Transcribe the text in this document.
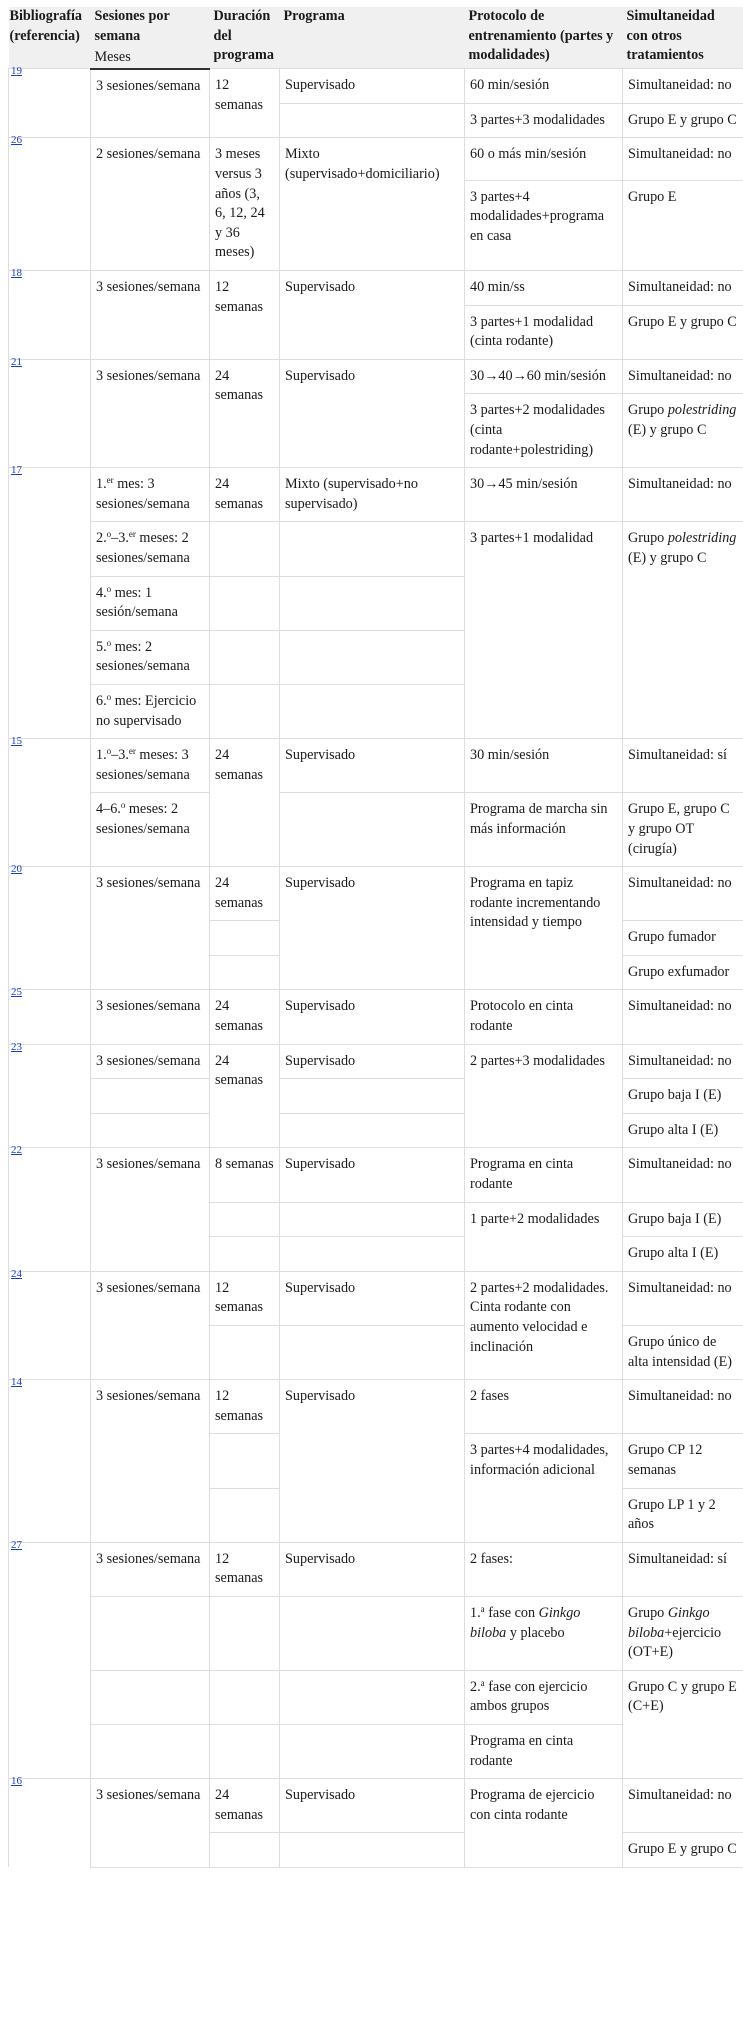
Bibliografía (referencia)	Sesiones por semana	Duración del programa	Programa	Protocolo de entrenamiento (partes y modalidades)	Simultaneidad con otros tratamientos
	Meses				
$^{19}$	3 sesiones/semana	12 semanas	Supervisado	60 min/sesión	Simultaneidad: no
				3 partes+3 modalidades	Grupo E y grupo C
$^{26}$	2 sesiones/semana	3 meses versus 3 años (3, 6, 12, 24 y 36 meses)	Mixto (supervisado+domiciliario)	60 o más min/sesión	Simultaneidad: no
				3 partes+4 modalidades+programa en casa	Grupo E
$^{18}$	3 sesiones/semana	12 semanas	Supervisado	40 min/ss	Simultaneidad: no
				3 partes+1 modalidad (cinta rodante)	Grupo E y grupo C
$^{21}$	3 sesiones/semana	24 semanas	Supervisado	30→40→60 min/sesión	Simultaneidad: no
				3 partes+2 modalidades (cinta rodante+polestriding)	Grupo polestriding (E) y grupo C
$^{17}$	1.$^{er}$ mes: 3 sesiones/semana	24 semanas	Mixto (supervisado+no supervisado)	30→45 min/sesión	Simultaneidad: no
	2.$^o$–3.$^{er}$ meses: 2 sesiones/semana			3 partes+1 modalidad	Grupo polestriding (E) y grupo C
	4.$^o$ mes: 1 sesión/semana				
	5.$^o$ mes: 2 sesiones/semana				
	6.$^o$ mes: Ejercicio no supervisado				
$^{15}$	1.$^o$–3.$^{er}$ meses: 3 sesiones/semana	24 semanas	Supervisado	30 min/sesión	Simultaneidad: sí
	4–6.$^o$ meses: 2 sesiones/semana			Programa de marcha sin más información	Grupo E, grupo C y grupo OT (cirugía)
$^{20}$	3 sesiones/semana	24 semanas	Supervisado	Programa en tapiz rodante incrementando intensidad y tiempo	Simultaneidad: no
					Grupo fumador
					Grupo exfumador
$^{25}$	3 sesiones/semana	24 semanas	Supervisado	Protocolo en cinta rodante	Simultaneidad: no
$^{23}$	3 sesiones/semana	24 semanas	Supervisado	2 partes+3 modalidades	Simultaneidad: no
					Grupo baja I (E)
					Grupo alta I (E)
$^{22}$	3 sesiones/semana	8 semanas	Supervisado	Programa en cinta rodante	Simultaneidad: no
				1 parte+2 modalidades	Grupo baja I (E)
					Grupo alta I (E)
$^{24}$	3 sesiones/semana	12 semanas	Supervisado	2 partes+2 modalidades. Cinta rodante con aumento velocidad e inclinación	Simultaneidad: no
					Grupo único de alta intensidad (E)
$^{14}$	3 sesiones/semana	12 semanas	Supervisado	2 fases	Simultaneidad: no
				3 partes+4 modalidades, información adicional	Grupo CP 12 semanas
					Grupo LP 1 y 2 años
$^{27}$	3 sesiones/semana	12 semanas	Supervisado	2 fases:	Simultaneidad: sí
				1.$^a$ fase con Ginkgo biloba y placebo	Grupo Ginkgo biloba+ejercicio (OT+E)
				2.$^a$ fase con ejercicio ambos grupos	Grupo C y grupo E (C+E)
				Programa en cinta rodante	
$^{16}$	3 sesiones/semana	24 semanas	Supervisado	Programa de ejercicio con cinta rodante	Simultaneidad: no
					Grupo E y grupo C
